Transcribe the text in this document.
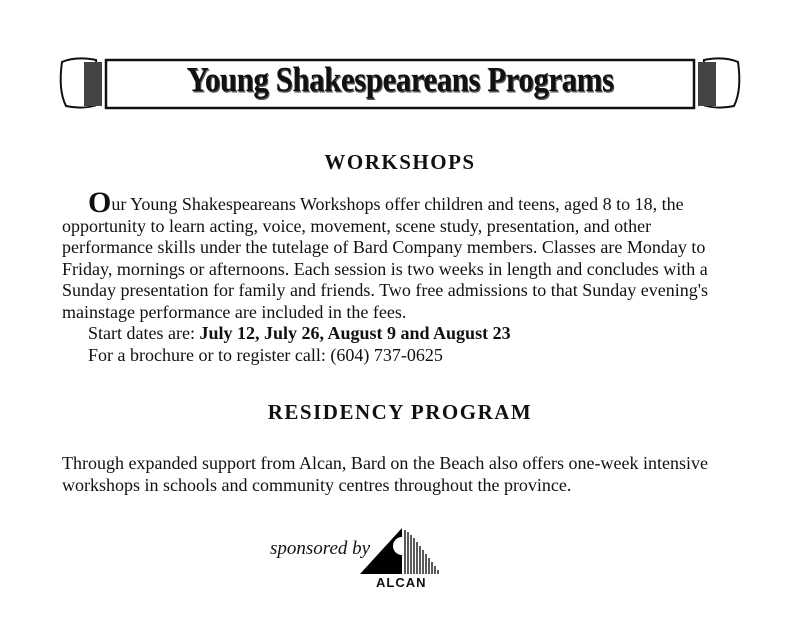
Young Shakespeareans Programs
WORKSHOPS
Our Young Shakespeareans Workshops offer children and teens, aged 8 to 18, the
opportunity to learn acting, voice, movement, scene study, presentation, and other
performance skills under the tutelage of Bard Company members. Classes are Monday to
Friday, mornings or afternoons. Each session is two weeks in length and concludes with a
Sunday presentation for family and friends. Two free admissions to that Sunday evening's
mainstage performance are included in the fees.
Start dates are: July 12, July 26, August 9 and August 23
For a brochure or to register call: (604) 737-0625
RESIDENCY PROGRAM
Through expanded support from Alcan, Bard on the Beach also offers one-week intensive
workshops in schools and community centres throughout the province.
sponsored by
ALCAN
